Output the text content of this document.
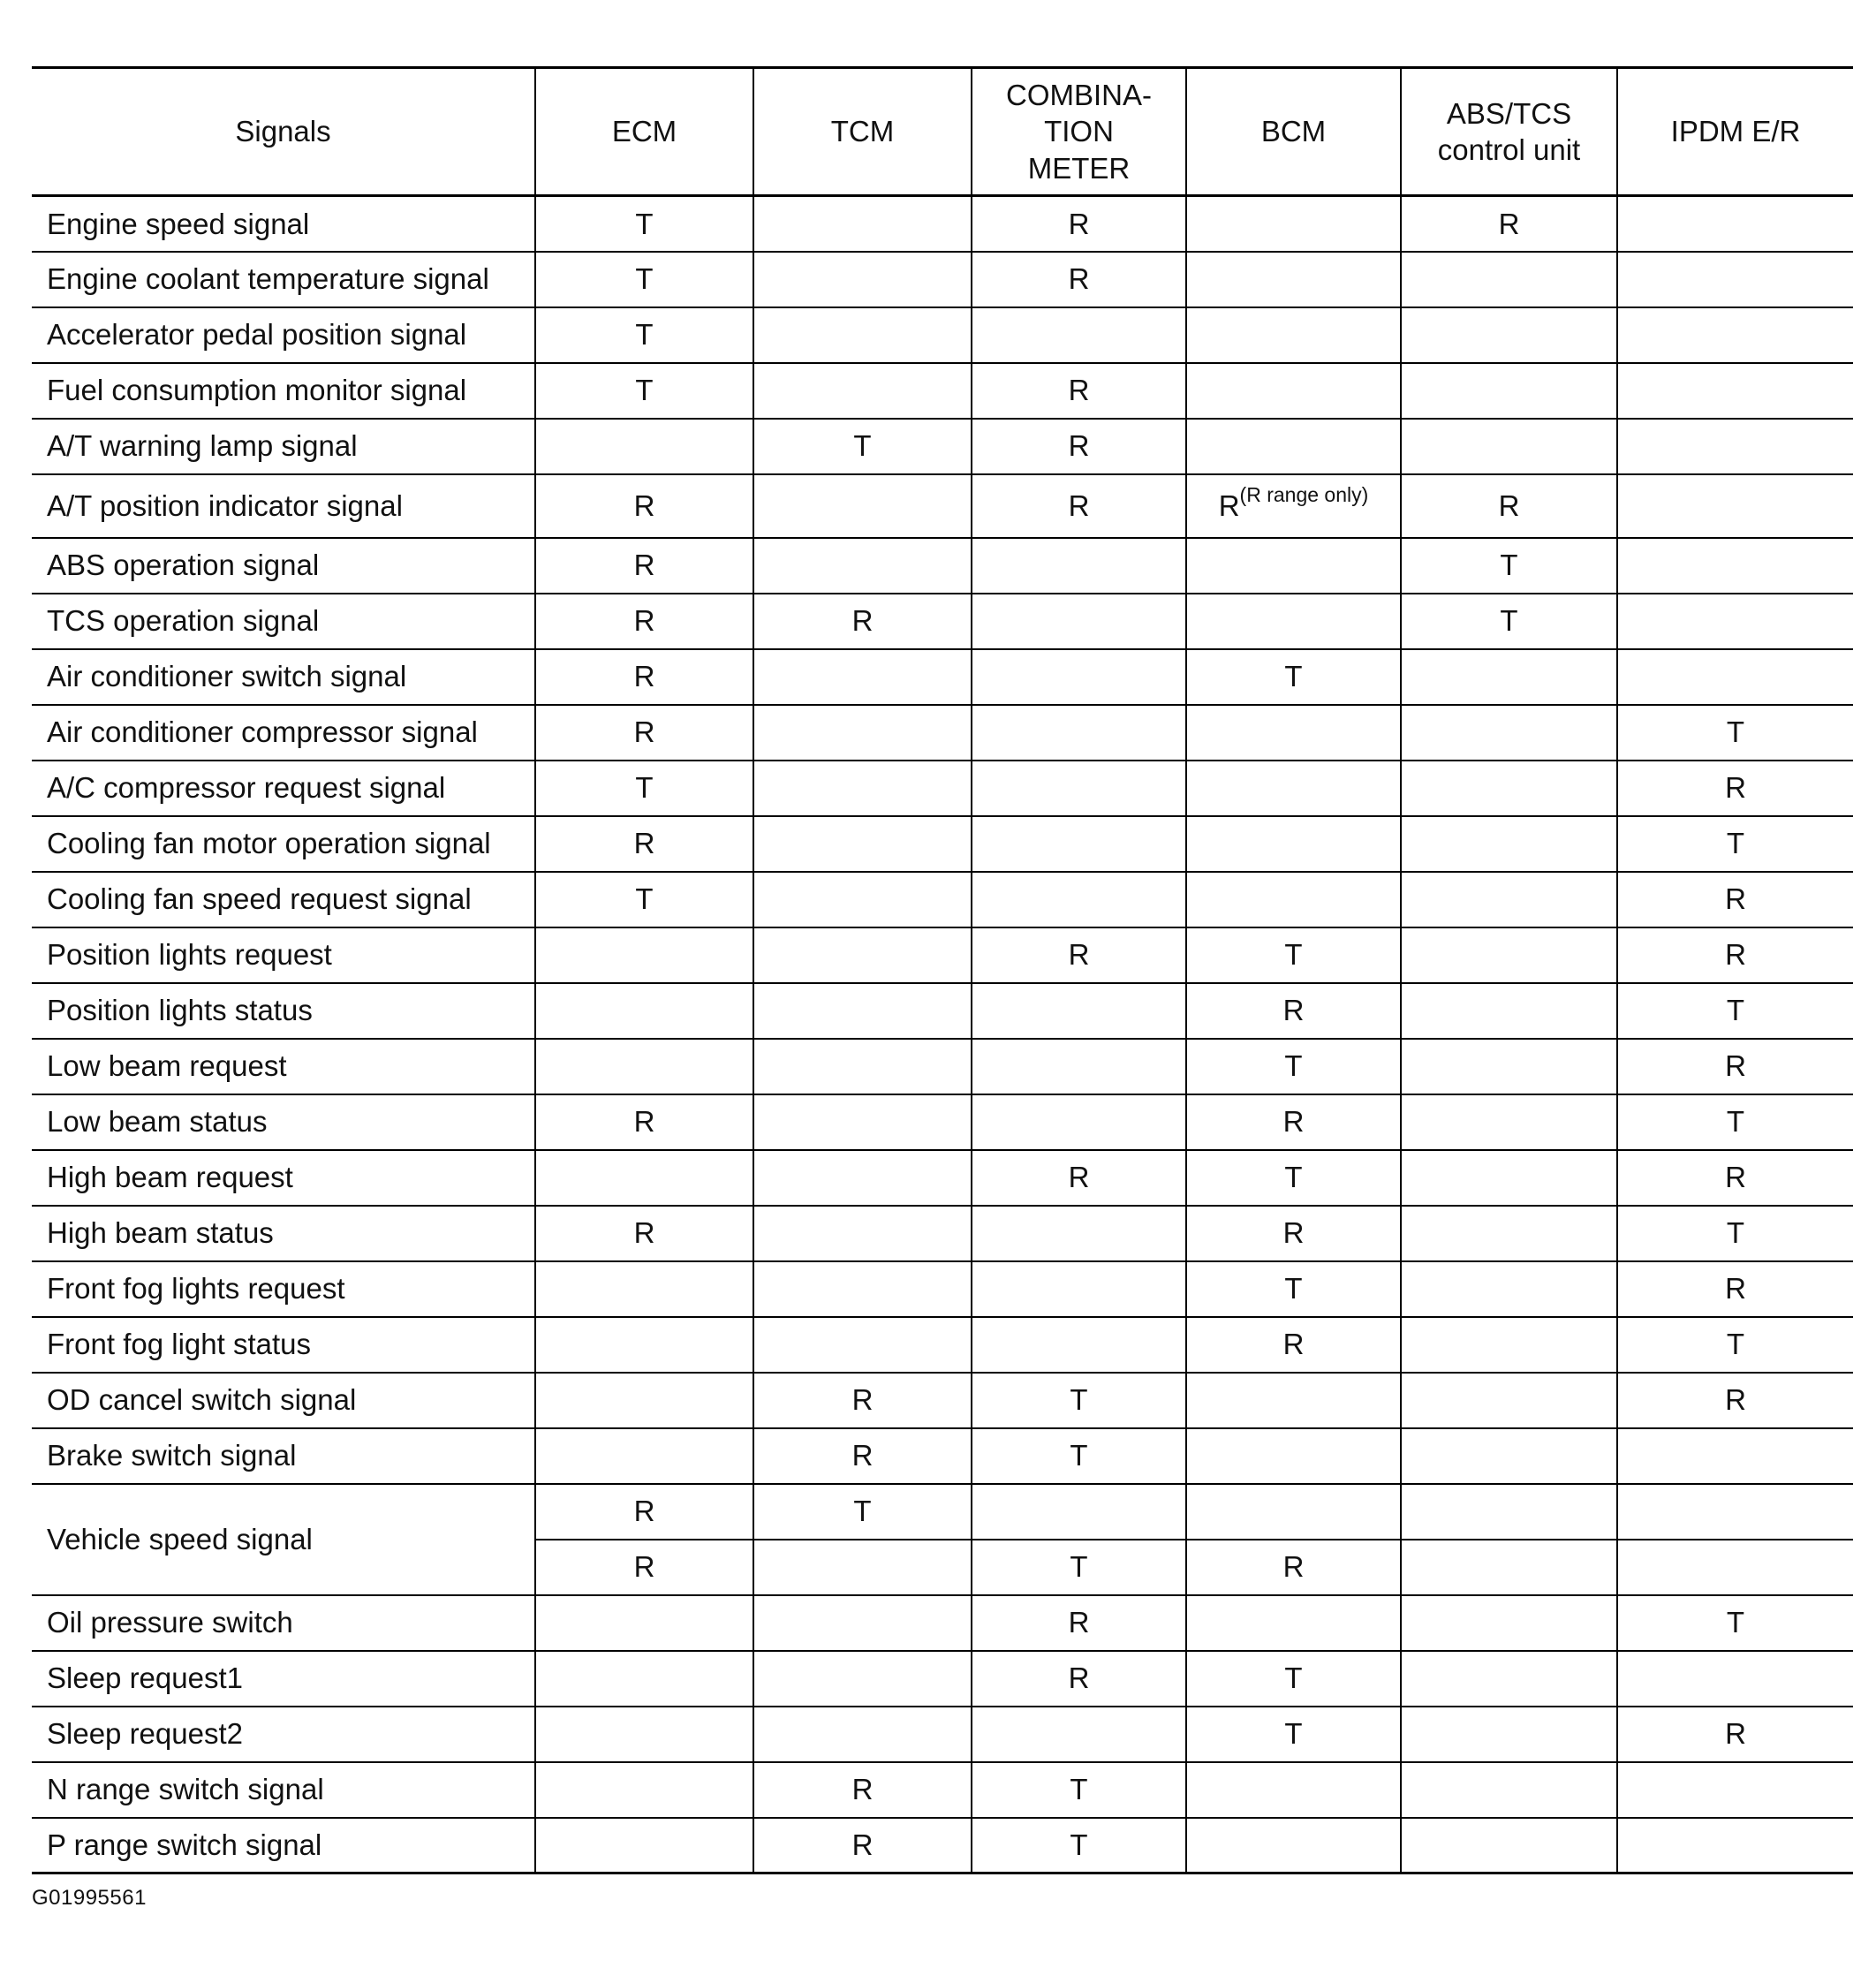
Signals	ECM	TCM	COMBINA-
TION
METER	BCM	ABS/TCS
control unit	IPDM E/R
Engine speed signal	T		R		R	
Engine coolant temperature signal	T		R			
Accelerator pedal position signal	T					
Fuel consumption monitor signal	T		R			
A/T warning lamp signal		T	R			
A/T position indicator signal	R		R	$R^{(R range only)}$	R	
ABS operation signal	R				T	
TCS operation signal	R	R			T	
Air conditioner switch signal	R			T		
Air conditioner compressor signal	R					T
A/C compressor request signal	T					R
Cooling fan motor operation signal	R					T
Cooling fan speed request signal	T					R
Position lights request			R	T		R
Position lights status				R		T
Low beam request				T		R
Low beam status	R			R		T
High beam request			R	T		R
High beam status	R			R		T
Front fog lights request				T		R
Front fog light status				R		T
OD cancel switch signal		R	T			R
Brake switch signal		R	T			
Vehicle speed signal	R	T				
	R		T	R		
Oil pressure switch			R			T
Sleep request1			R	T		
Sleep request2				T		R
N range switch signal		R	T			
P range switch signal		R	T			
G01995561
